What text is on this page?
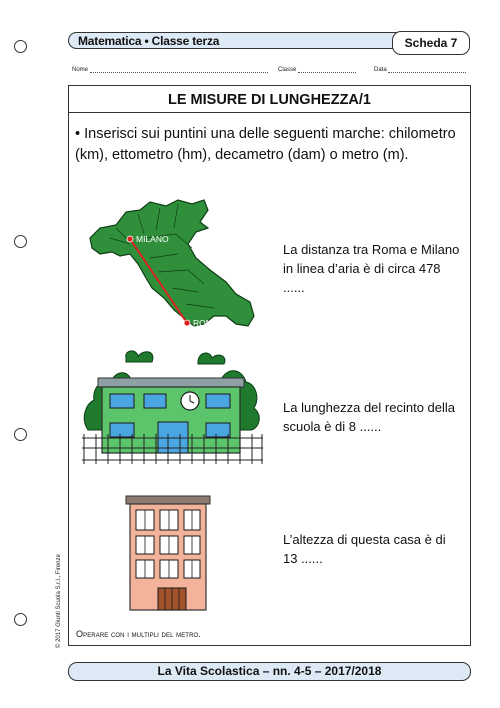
Matematica • Classe terza	Scheda 7
Nome	Classe	Data
LE MISURE DI LUNGHEZZA/1
• Inserisci sui puntini una delle seguenti marche: chilometro (km), ettometro (hm), decametro (dam) o metro (m).
MILANO
ROMA
La distanza tra Roma e Milano in linea d’aria è di circa 478 ......
La lunghezza del recinto della scuola è di 8 ......
L’altezza di questa casa è di 13 ......
Operare con i multipli del metro.
© 2017 Giunti Scuola S.r.l., Firenze
La Vita Scolastica – nn. 4-5 – 2017/2018
